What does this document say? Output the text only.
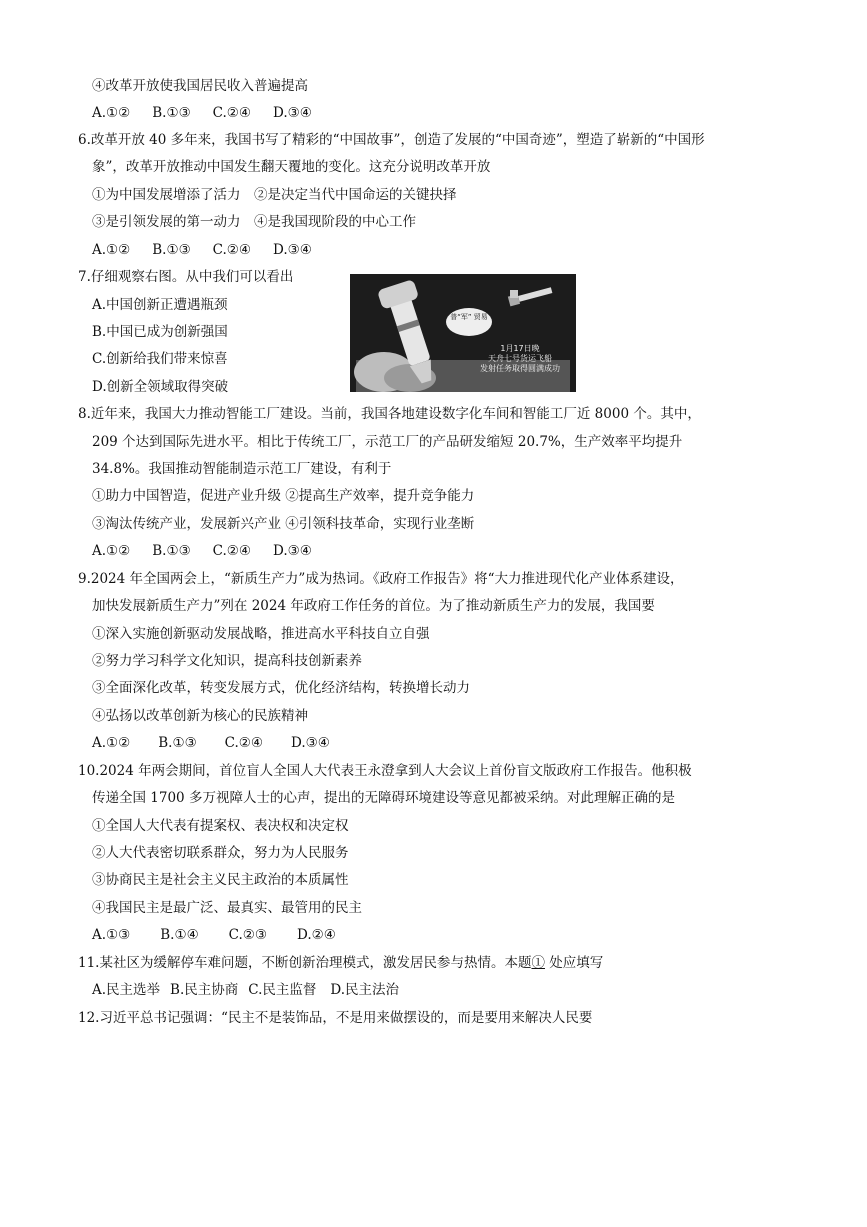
④改革开放使我国居民收入普遍提高
A.①② B.①③ C.②④ D.③④
6.改革开放 40 多年来，我国书写了精彩的“中国故事”，创造了发展的“中国奇迹”，塑造了崭新的“中国形
象”，改革开放推动中国发生翻天覆地的变化。这充分说明改革开放
①为中国发展增添了活力　②是决定当代中国命运的关键抉择
③是引领发展的第一动力　④是我国现阶段的中心工作
A.①② B.①③ C.②④ D.③④
7.仔细观察右图。从中我们可以看出
A.中国创新正遭遇瓶颈
B.中国已成为创新强国
C.创新给我们带来惊喜
D.创新全领域取得突破
普“军” 贸易
1月17日晚
天舟七号货运飞船
发射任务取得圆满成功
8.近年来，我国大力推动智能工厂建设。当前，我国各地建设数字化车间和智能工厂近 8000 个。其中，
209 个达到国际先进水平。相比于传统工厂，示范工厂的产品研发缩短 20.7%，生产效率平均提升
34.8%。我国推动智能制造示范工厂建设，有利于
①助力中国智造，促进产业升级 ②提高生产效率，提升竞争能力
③淘汰传统产业，发展新兴产业 ④引领科技革命，实现行业垄断
A.①② B.①③ C.②④ D.③④
9.2024 年全国两会上，“新质生产力”成为热词。《政府工作报告》将“大力推进现代化产业体系建设，
加快发展新质生产力”列在 2024 年政府工作任务的首位。为了推动新质生产力的发展，我国要
①深入实施创新驱动发展战略，推进高水平科技自立自强
②努力学习科学文化知识，提高科技创新素养
③全面深化改革，转变发展方式，优化经济结构，转换增长动力
④弘扬以改革创新为核心的民族精神
A.①② B.①③ C.②④ D.③④
10.2024 年两会期间，首位盲人全国人大代表王永澄拿到人大会议上首份盲文版政府工作报告。他积极
传递全国 1700 多万视障人士的心声，提出的无障碍环境建设等意见都被采纳。对此理解正确的是
①全国人大代表有提案权、表决权和决定权
②人大代表密切联系群众，努力为人民服务
③协商民主是社会主义民主政治的本质属性
④我国民主是最广泛、最真实、最管用的民主
A.①③ B.①④ C.②③ D.②④
11.某社区为缓解停车难问题，不断创新治理模式，激发居民参与热情。本题① 处应填写
A.民主选举 B.民主协商 C.民主监督 D.民主法治
12.习近平总书记强调：“民主不是装饰品，不是用来做摆设的，而是要用来解决人民要
